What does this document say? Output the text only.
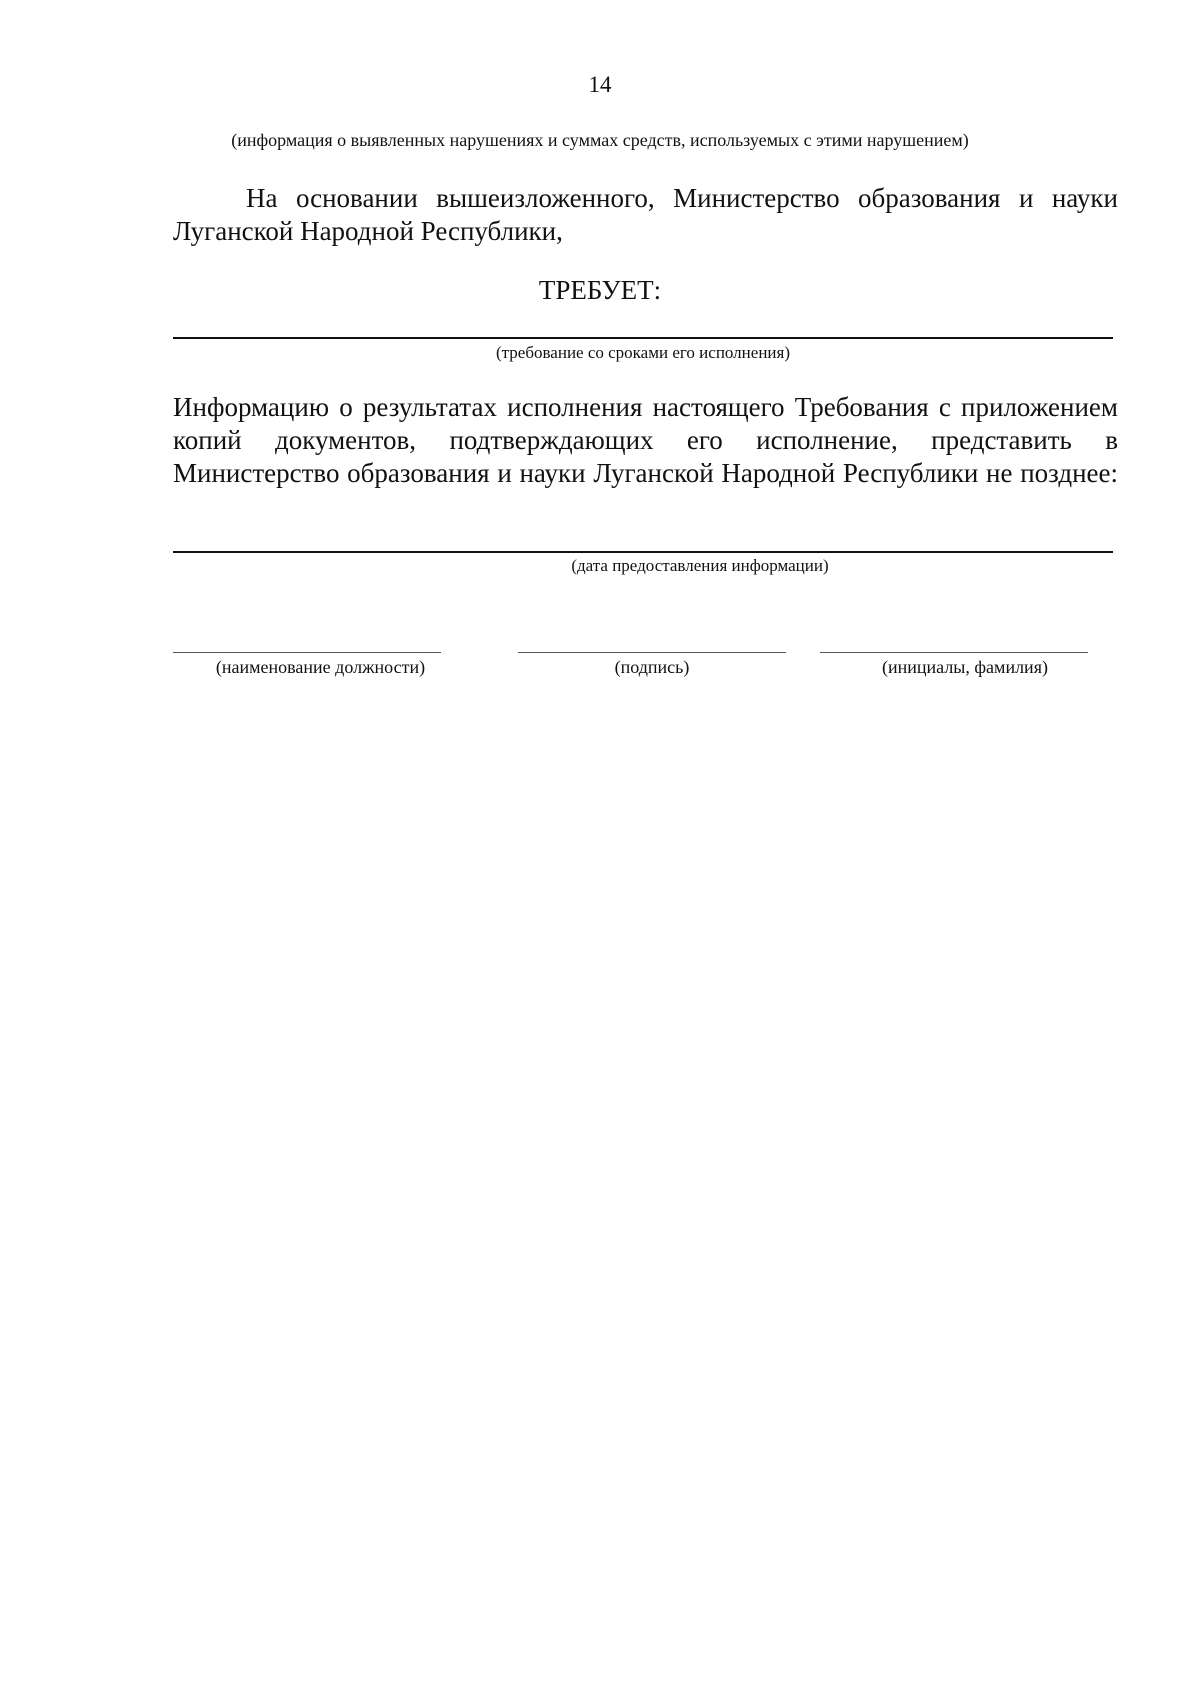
14
(информация о выявленных нарушениях и суммах средств, используемых с этими нарушением)

На основании вышеизложенного, Министерство образования и науки Луганской Народной Республики,

ТРЕБУЕТ:
(требование со сроками его исполнения)

Информацию о результатах исполнения настоящего Требования с приложением копий документов, подтверждающих его исполнение, представить в Министерство образования и науки Луганской Народной Республики не позднее:

(дата предоставления информации)
(наименование должности)	(подпись)	(инициалы, фамилия)
